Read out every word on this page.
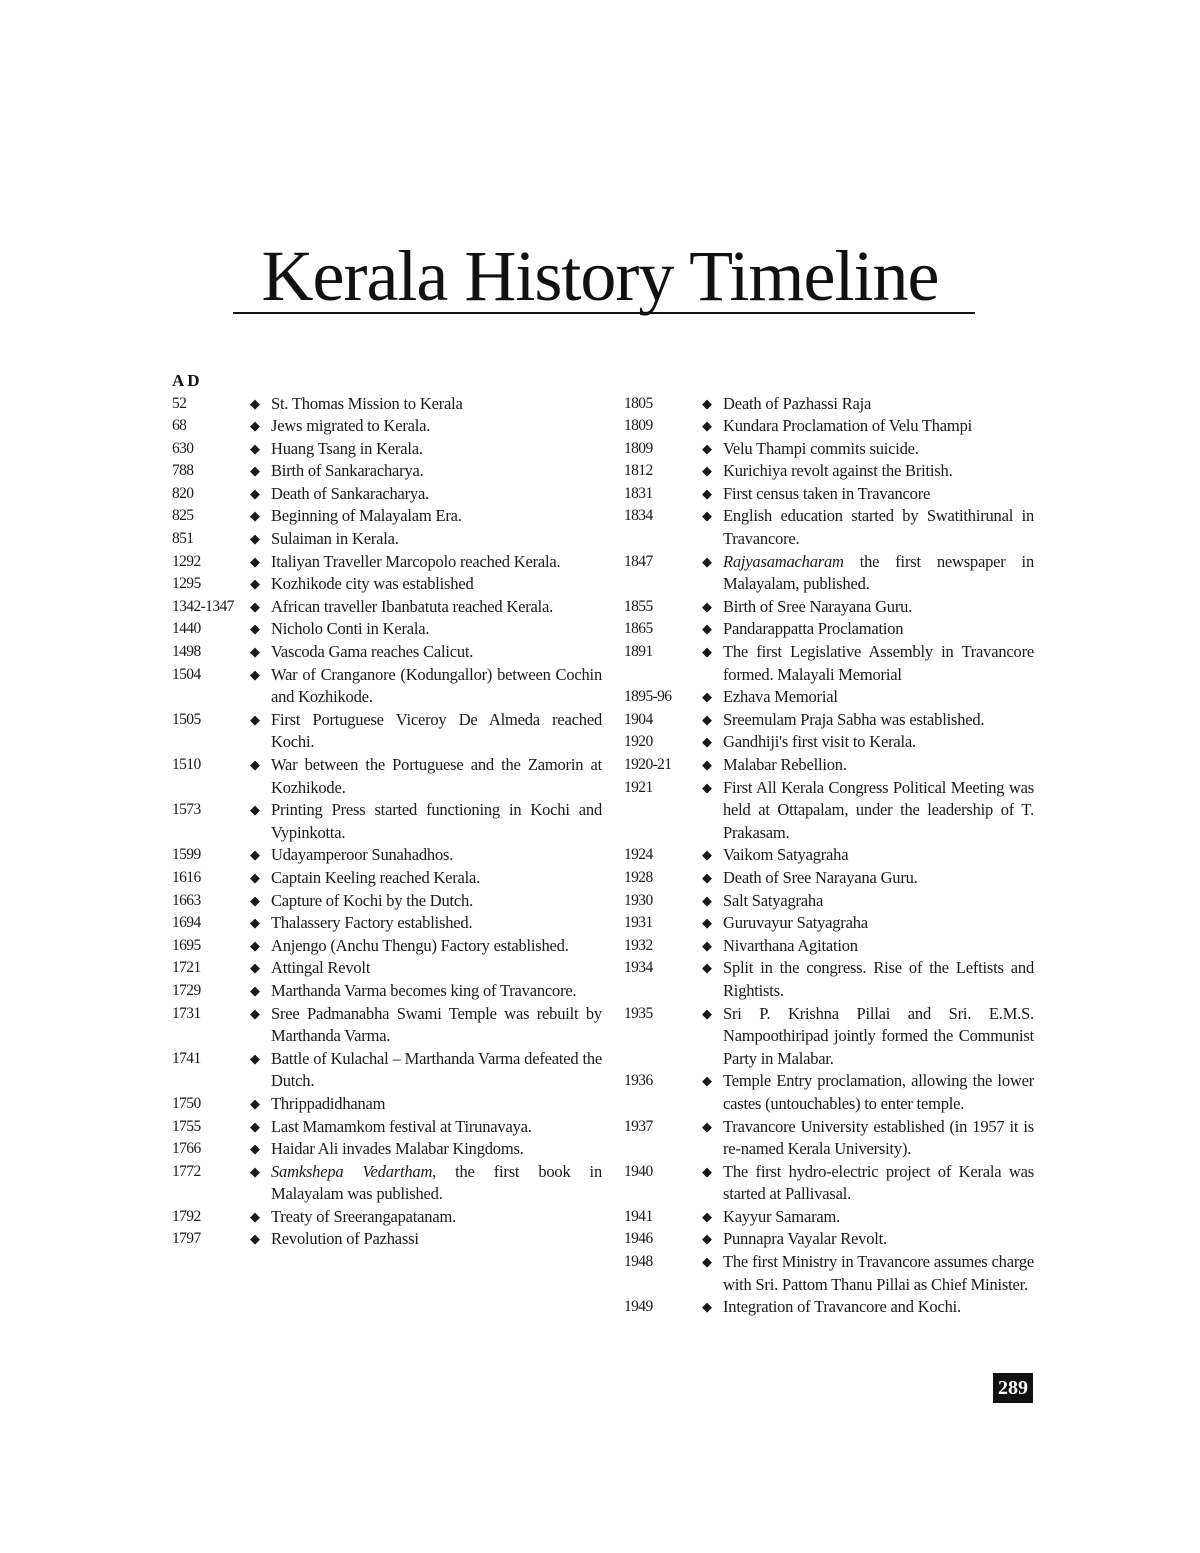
Kerala History Timeline
AD
52	◆ St. Thomas Mission to Kerala
68	◆ Jews migrated to Kerala.
630	◆ Huang Tsang in Kerala.
788	◆ Birth of Sankaracharya.
820	◆ Death of Sankaracharya.
825	◆ Beginning of Malayalam Era.
851	◆ Sulaiman in Kerala.
1292	◆ Italiyan Traveller Marcopolo reached Kerala.
1295	◆ Kozhikode city was established
1342-1347	◆ African traveller Ibanbatuta reached Kerala.
1440	◆ Nicholo Conti in Kerala.
1498	◆ Vascoda Gama reaches Calicut.
1504	◆ War of Cranganore (Kodungallor) between Cochin and Kozhikode.
1505	◆ First Portuguese Viceroy De Almeda reached Kochi.
1510	◆ War between the Portuguese and the Zamorin at Kozhikode.
1573	◆ Printing Press started functioning in Kochi and Vypinkotta.
1599	◆ Udayamperoor Sunahadhos.
1616	◆ Captain Keeling reached Kerala.
1663	◆ Capture of Kochi by the Dutch.
1694	◆ Thalassery Factory established.
1695	◆ Anjengo (Anchu Thengu) Factory established.
1721	◆ Attingal Revolt
1729	◆ Marthanda Varma becomes king of Travancore.
1731	◆ Sree Padmanabha Swami Temple was rebuilt by Marthanda Varma.
1741	◆ Battle of Kulachal – Marthanda Varma defeated the Dutch.
1750	◆ Thrippadidhanam
1755	◆ Last Mamamkom festival at Tirunavaya.
1766	◆ Haidar Ali invades Malabar Kingdoms.
1772	◆ Samkshepa Vedartham, the first book in Malayalam was published.
1792	◆ Treaty of Sreerangapatanam.
1797	◆ Revolution of Pazhassi
1805	◆ Death of Pazhassi Raja
1809	◆ Kundara Proclamation of Velu Thampi
1809	◆ Velu Thampi commits suicide.
1812	◆ Kurichiya revolt against the British.
1831	◆ First census taken in Travancore
1834	◆ English education started by Swatithirunal in Travancore.
1847	◆ Rajyasamacharam the first newspaper in Malayalam, published.
1855	◆ Birth of Sree Narayana Guru.
1865	◆ Pandarappatta Proclamation
1891	◆ The first Legislative Assembly in Travancore formed. Malayali Memorial
1895-96	◆ Ezhava Memorial
1904	◆ Sreemulam Praja Sabha was established.
1920	◆ Gandhiji's first visit to Kerala.
1920-21	◆ Malabar Rebellion.
1921	◆ First All Kerala Congress Political Meeting was held at Ottapalam, under the leadership of T. Prakasam.
1924	◆ Vaikom Satyagraha
1928	◆ Death of Sree Narayana Guru.
1930	◆ Salt Satyagraha
1931	◆ Guruvayur Satyagraha
1932	◆ Nivarthana Agitation
1934	◆ Split in the congress. Rise of the Leftists and Rightists.
1935	◆ Sri P. Krishna Pillai and Sri. E.M.S. Nampoothiripad jointly formed the Communist Party in Malabar.
1936	◆ Temple Entry proclamation, allowing the lower castes (untouchables) to enter temple.
1937	◆ Travancore University established (in 1957 it is re-named Kerala University).
1940	◆ The first hydro-electric project of Kerala was started at Pallivasal.
1941	◆ Kayyur Samaram.
1946	◆ Punnapra Vayalar Revolt.
1948	◆ The first Ministry in Travancore assumes charge with Sri. Pattom Thanu Pillai as Chief Minister.
1949	◆ Integration of Travancore and Kochi.
289
